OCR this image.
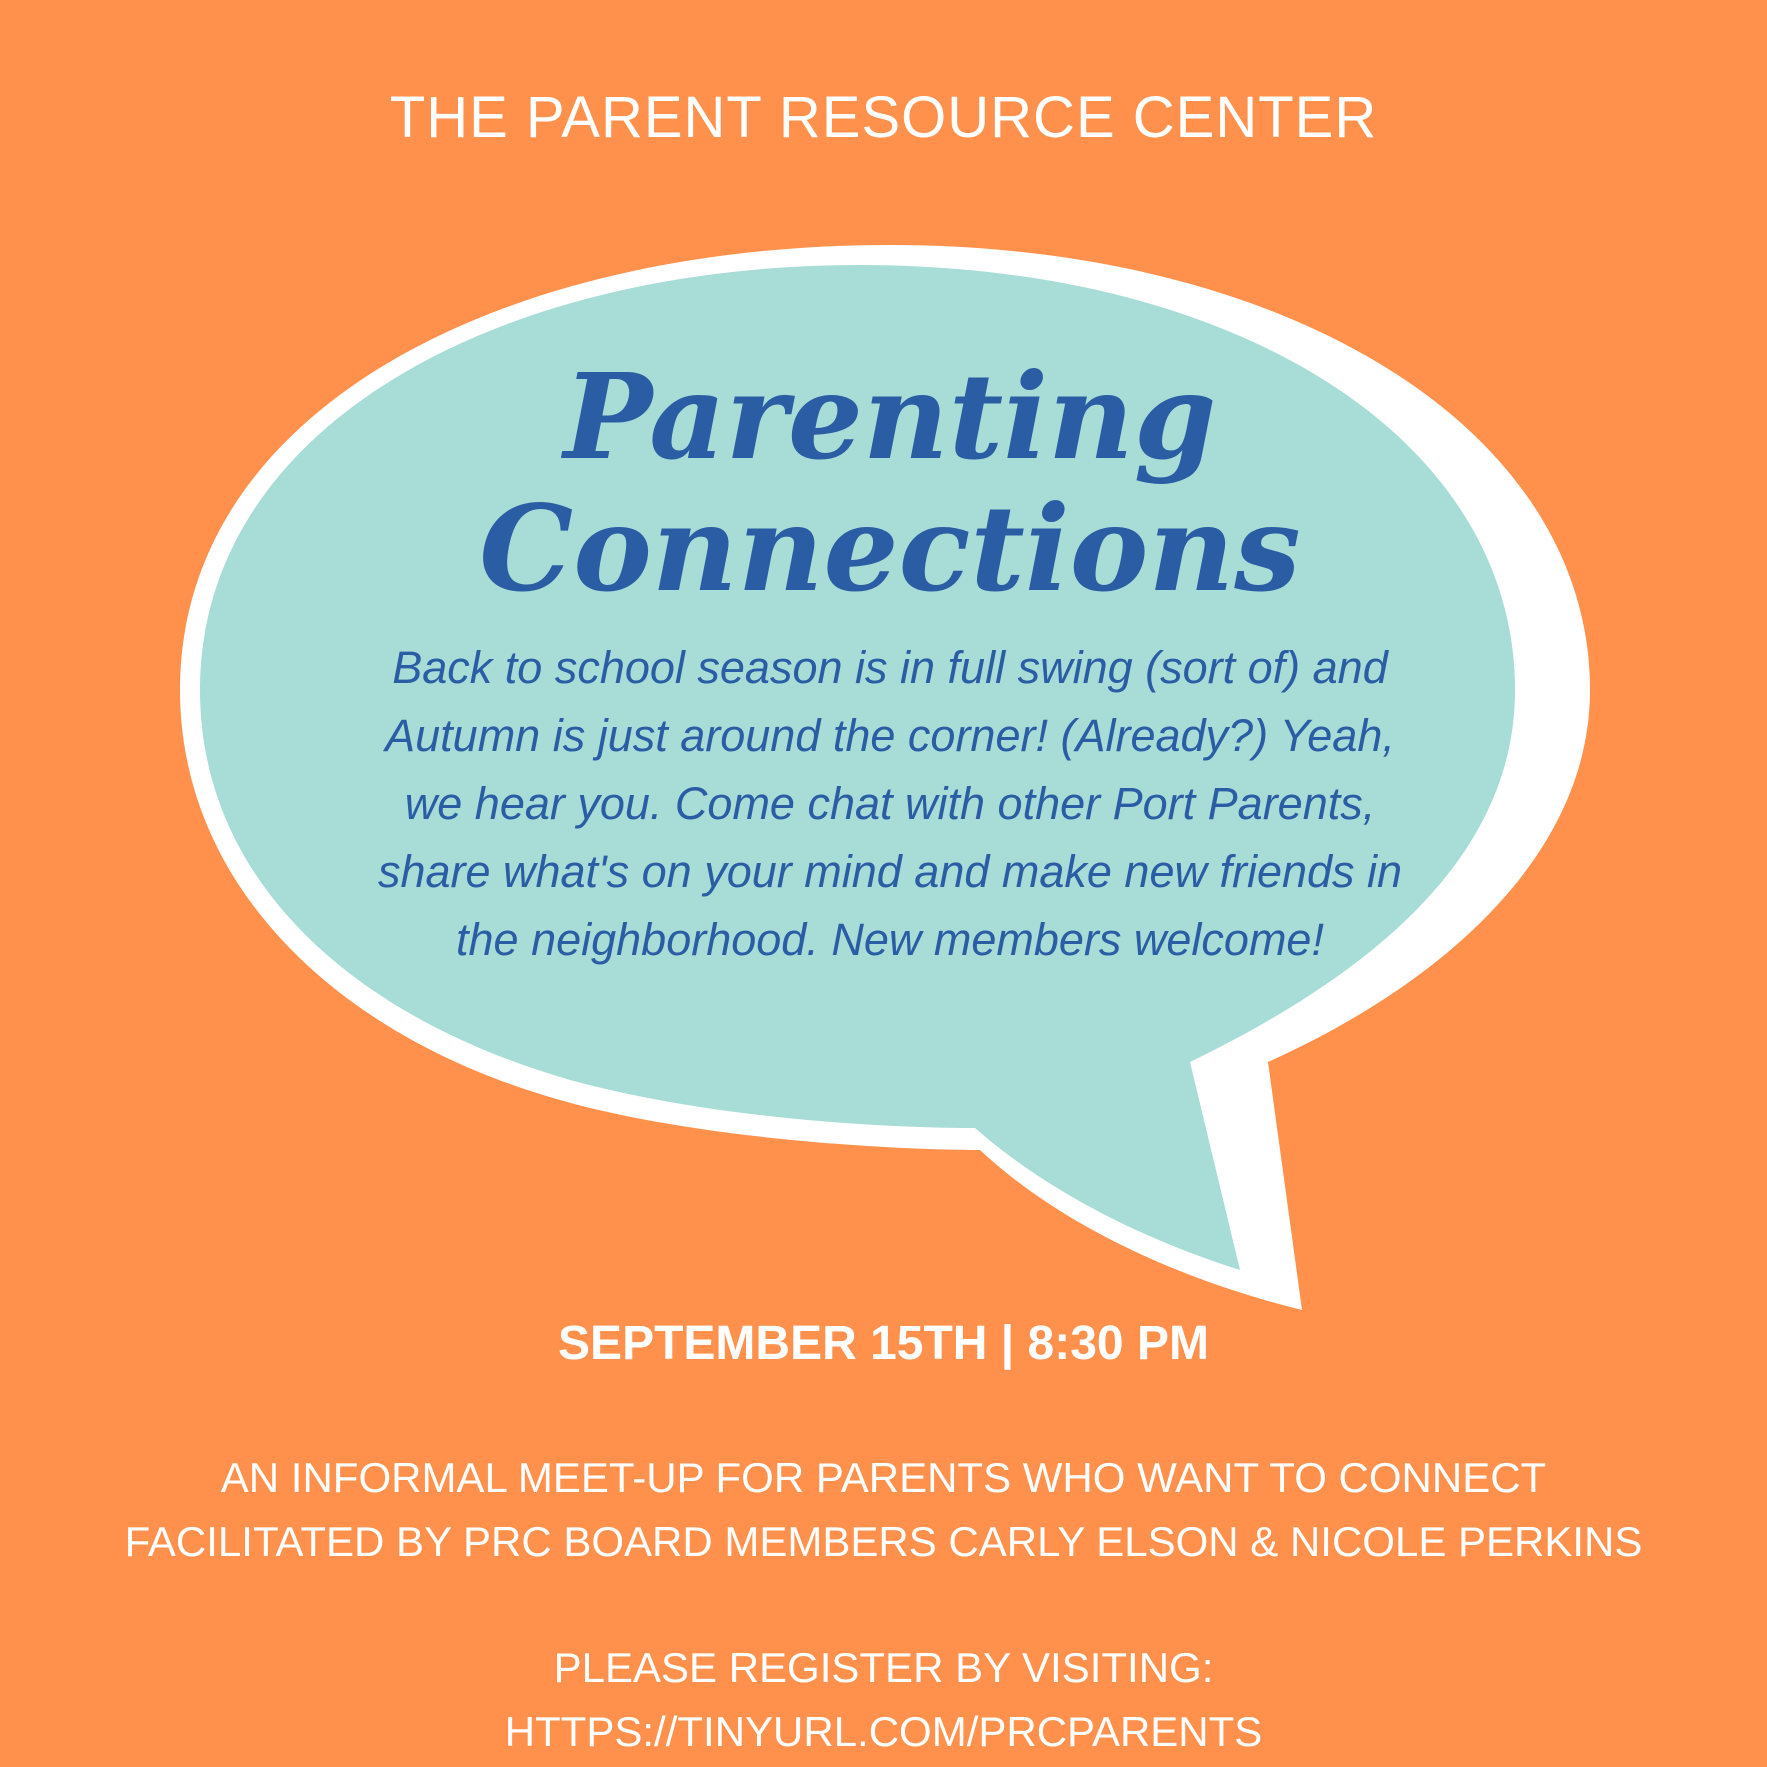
THE PARENT RESOURCE CENTER
Parenting
Connections
Back to school season is in full swing (sort of) and
Autumn is just around the corner! (Already?) Yeah,
we hear you. Come chat with other Port Parents,
share what's on your mind and make new friends in
the neighborhood. New members welcome!
SEPTEMBER 15TH | 8:30 PM
AN INFORMAL MEET-UP FOR PARENTS WHO WANT TO CONNECT
FACILITATED BY PRC BOARD MEMBERS CARLY ELSON & NICOLE PERKINS
PLEASE REGISTER BY VISITING:
HTTPS://TINYURL.COM/PRCPARENTS
